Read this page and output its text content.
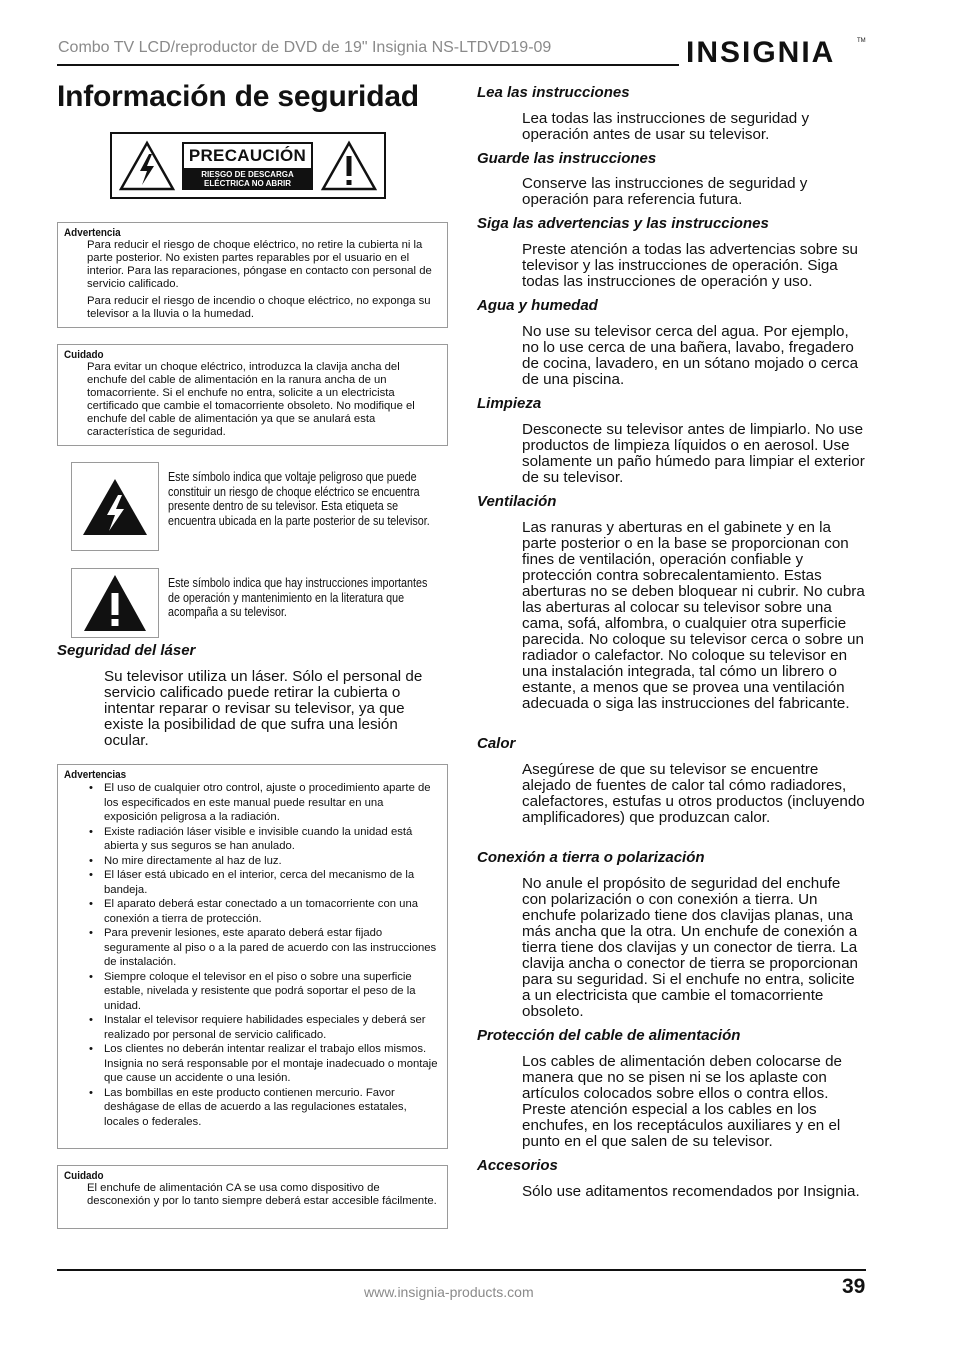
Combo TV LCD/reproductor de DVD de 19" Insignia NS-LTDVD19-09	INSIGNIA	TM
Información de seguridad
PRECAUCIÓN
RIESGO DE DESCARGA
ELÉCTRICA NO ABRIR
Advertencia

Para reducir el riesgo de choque eléctrico, no retire la cubierta ni la parte posterior. No existen partes reparables por el usuario en el interior. Para las reparaciones, póngase en contacto con personal de servicio calificado.

Para reducir el riesgo de incendio o choque eléctrico, no exponga su televisor a la lluvia o la humedad.

Cuidado

Para evitar un choque eléctrico, introduzca la clavija ancha del enchufe del cable de alimentación en la ranura ancha de un tomacorriente. Si el enchufe no entra, solicite a un electricista certificado que cambie el tomacorriente obsoleto. No modifique el enchufe del cable de alimentación ya que se anulará esta característica de seguridad.

Este símbolo indica que voltaje peligroso que puede constituir un riesgo de choque eléctrico se encuentra presente dentro de su televisor. Esta etiqueta se encuentra ubicada en la parte posterior de su televisor.
Este símbolo indica que hay instrucciones importantes de operación y mantenimiento en la literatura que acompaña a su televisor.
Seguridad del láser
Su televisor utiliza un láser. Sólo el personal de servicio calificado puede retirar la cubierta o intentar reparar o revisar su televisor, ya que existe la posibilidad de que sufra una lesión ocular.
Advertencias
• El uso de cualquier otro control, ajuste o procedimiento aparte de los especificados en este manual puede resultar en una exposición peligrosa a la radiación.
• Existe radiación láser visible e invisible cuando la unidad está abierta y sus seguros se han anulado.
• No mire directamente al haz de luz.
• El láser está ubicado en el interior, cerca del mecanismo de la bandeja.
• El aparato deberá estar conectado a un tomacorriente con una conexión a tierra de protección.
• Para prevenir lesiones, este aparato deberá estar fijado seguramente al piso o a la pared de acuerdo con las instrucciones de instalación.
• Siempre coloque el televisor en el piso o sobre una superficie estable, nivelada y resistente que podrá soportar el peso de la unidad.
• Instalar el televisor requiere habilidades especiales y deberá ser realizado por personal de servicio calificado.
• Los clientes no deberán intentar realizar el trabajo ellos mismos. Insignia no será responsable por el montaje inadecuado o montaje que cause un accidente o una lesión.
• Las bombillas en este producto contienen mercurio. Favor deshágase de ellas de acuerdo a las regulaciones estatales, locales o federales.
Cuidado

El enchufe de alimentación CA se usa como dispositivo de desconexión y por lo tanto siempre deberá estar accesible fácilmente.

Lea las instrucciones
Lea todas las instrucciones de seguridad y operación antes de usar su televisor.
Guarde las instrucciones
Conserve las instrucciones de seguridad y operación para referencia futura.
Siga las advertencias y las instrucciones
Preste atención a todas las advertencias sobre su televisor y las instrucciones de operación. Siga todas las instrucciones de operación y uso.
Agua y humedad
No use su televisor cerca del agua. Por ejemplo, no lo use cerca de una bañera, lavabo, fregadero de cocina, lavadero, en un sótano mojado o cerca de una piscina.
Limpieza
Desconecte su televisor antes de limpiarlo. No use productos de limpieza líquidos o en aerosol. Use solamente un paño húmedo para limpiar el exterior de su televisor.
Ventilación
Las ranuras y aberturas en el gabinete y en la parte posterior o en la base se proporcionan con fines de ventilación, operación confiable y protección contra sobrecalentamiento. Estas aberturas no se deben bloquear ni cubrir. No cubra las aberturas al colocar su televisor sobre una cama, sofá, alfombra, o cualquier otra superficie parecida. No coloque su televisor cerca o sobre un radiador o calefactor. No coloque su televisor en una instalación integrada, tal cómo un librero o estante, a menos que se provea una ventilación adecuada o siga las instrucciones del fabricante.
Calor
Asegúrese de que su televisor se encuentre alejado de fuentes de calor tal cómo radiadores, calefactores, estufas u otros productos (incluyendo amplificadores) que produzcan calor.
Conexión a tierra o polarización
No anule el propósito de seguridad del enchufe con polarización o con conexión a tierra. Un enchufe polarizado tiene dos clavijas planas, una más ancha que la otra. Un enchufe de conexión a tierra tiene dos clavijas y un conector de tierra. La clavija ancha o conector de tierra se proporcionan para su seguridad. Si el enchufe no entra, solicite a un electricista que cambie el tomacorriente obsoleto.
Protección del cable de alimentación
Los cables de alimentación deben colocarse de manera que no se pisen ni se los aplaste con artículos colocados sobre ellos o contra ellos. Preste atención especial a los cables en los enchufes, en los receptáculos auxiliares y en el punto en el que salen de su televisor.
Accesorios
Sólo use aditamentos recomendados por Insignia.
www.insignia-products.com	39
